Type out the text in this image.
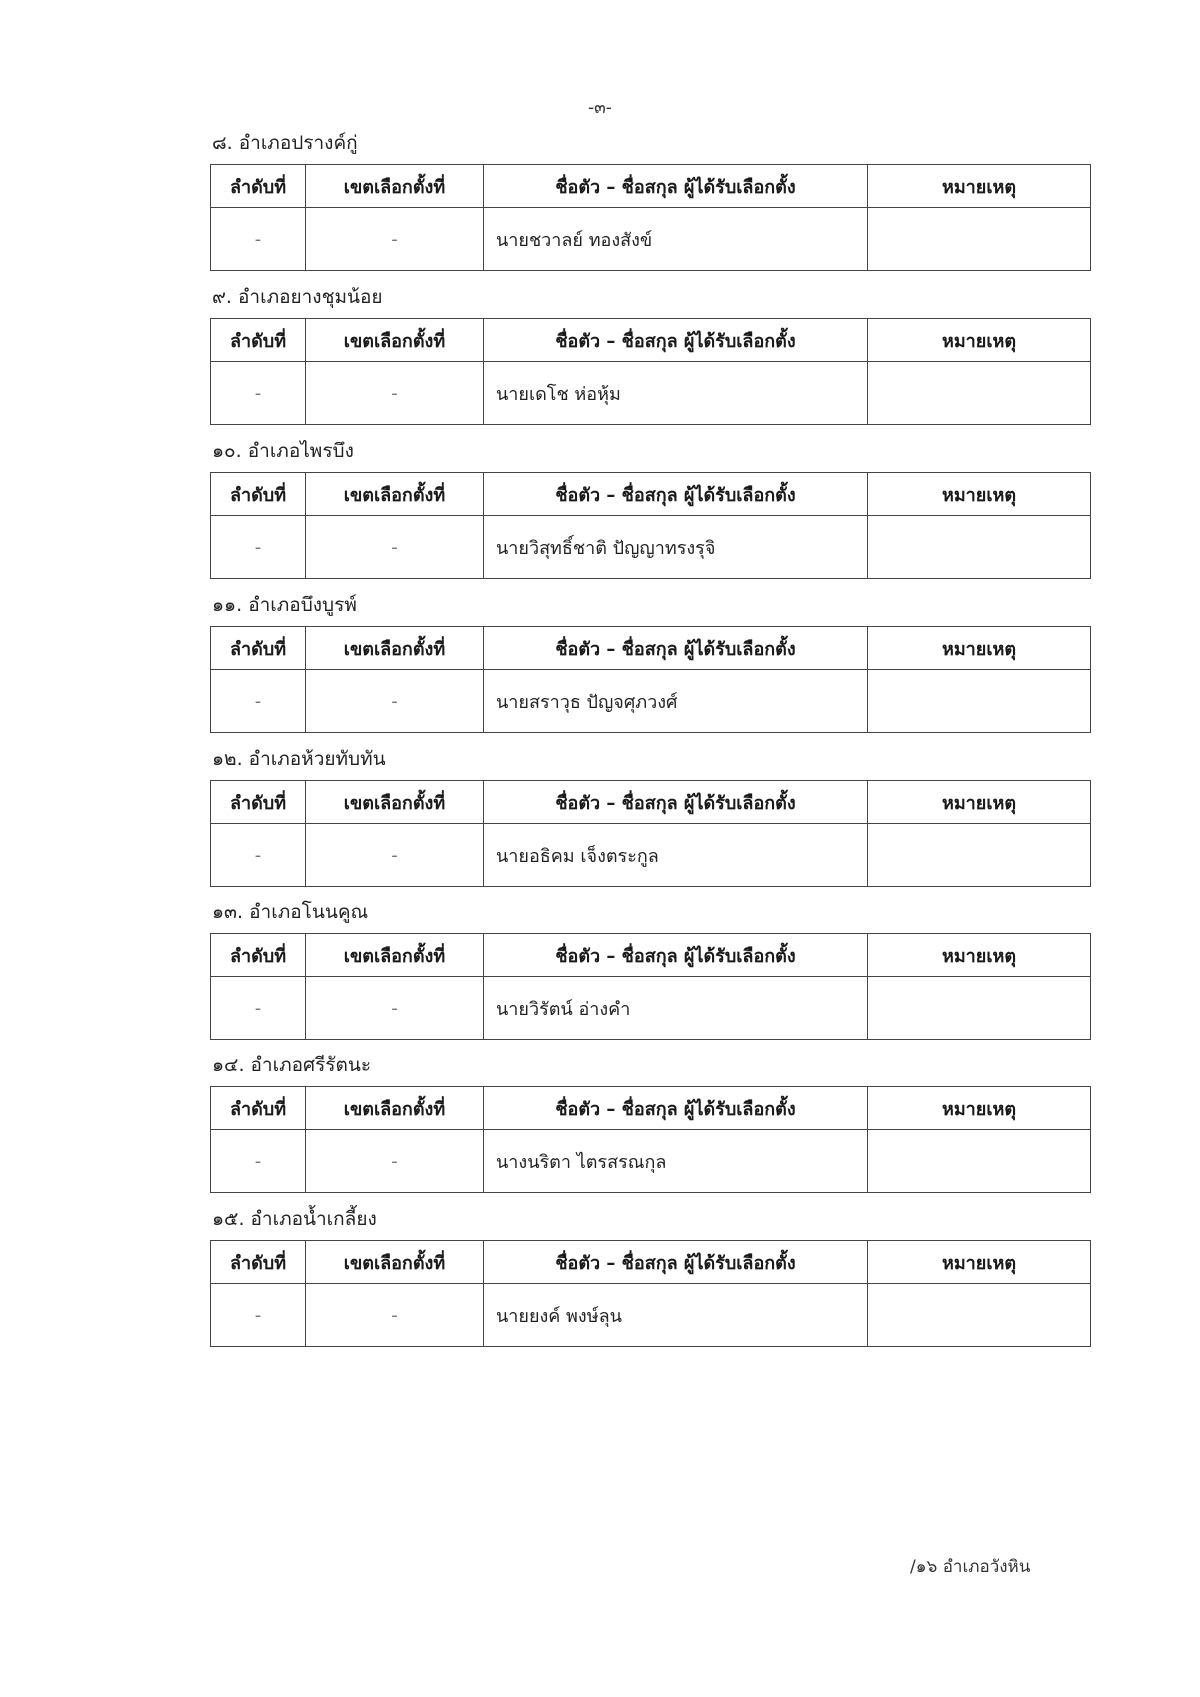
-๓-
๘. อำเภอปรางค์กู่
ลำดับที่	เขตเลือกตั้งที่	ชื่อตัว – ชื่อสกุล ผู้ได้รับเลือกตั้ง	หมายเหตุ
-	-	นายชวาลย์ ทองสังข์	
๙. อำเภอยางชุมน้อย
ลำดับที่	เขตเลือกตั้งที่	ชื่อตัว – ชื่อสกุล ผู้ได้รับเลือกตั้ง	หมายเหตุ
-	-	นายเดโช ห่อหุ้ม	
๑๐. อำเภอไพรบึง
ลำดับที่	เขตเลือกตั้งที่	ชื่อตัว – ชื่อสกุล ผู้ได้รับเลือกตั้ง	หมายเหตุ
-	-	นายวิสุทธิ์ชาติ ปัญญาทรงรุจิ	
๑๑. อำเภอบึงบูรพ์
ลำดับที่	เขตเลือกตั้งที่	ชื่อตัว – ชื่อสกุล ผู้ได้รับเลือกตั้ง	หมายเหตุ
-	-	นายสราวุธ ปัญจศุภวงศ์	
๑๒. อำเภอห้วยทับทัน
ลำดับที่	เขตเลือกตั้งที่	ชื่อตัว – ชื่อสกุล ผู้ได้รับเลือกตั้ง	หมายเหตุ
-	-	นายอธิคม เจ็งตระกูล	
๑๓. อำเภอโนนคูณ
ลำดับที่	เขตเลือกตั้งที่	ชื่อตัว – ชื่อสกุล ผู้ได้รับเลือกตั้ง	หมายเหตุ
-	-	นายวิรัตน์ อ่างคำ	
๑๔. อำเภอศรีรัตนะ
ลำดับที่	เขตเลือกตั้งที่	ชื่อตัว – ชื่อสกุล ผู้ได้รับเลือกตั้ง	หมายเหตุ
-	-	นางนริตา ไตรสรณกุล	
๑๕. อำเภอน้ำเกลี้ยง
ลำดับที่	เขตเลือกตั้งที่	ชื่อตัว – ชื่อสกุล ผู้ได้รับเลือกตั้ง	หมายเหตุ
-	-	นายยงค์ พงษ์ลุน	
/๑๖ อำเภอวังหิน
